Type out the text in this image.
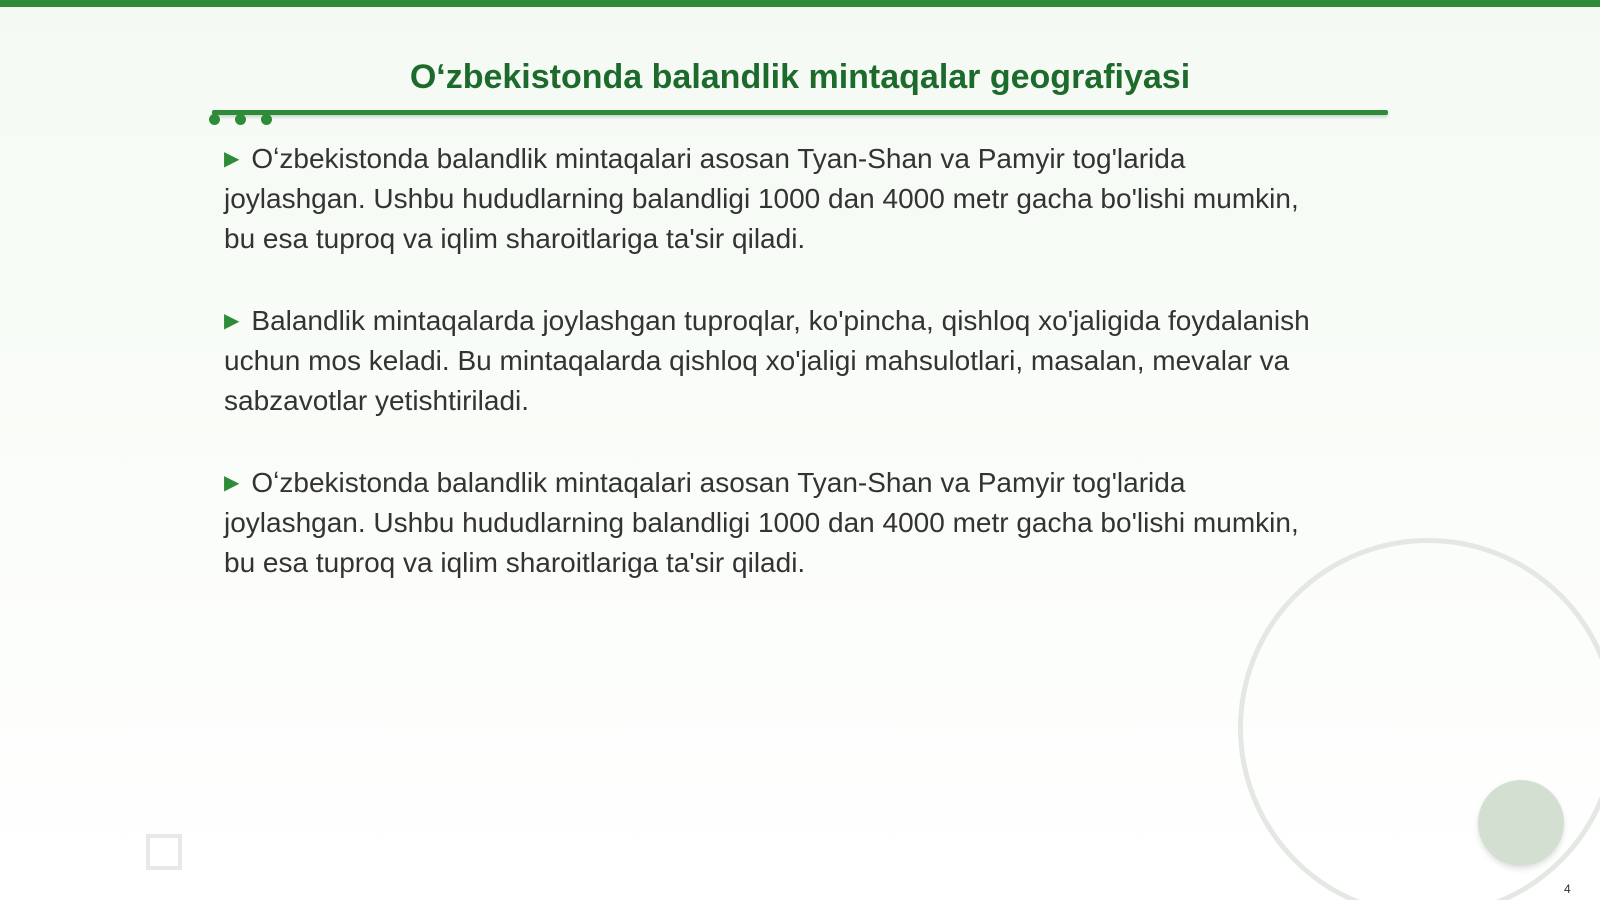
Oʻzbekistonda balandlik mintaqalar geografiyasi

▶ Oʻzbekistonda balandlik mintaqalari asosan Tyan-Shan va Pamyir tog'larida joylashgan. Ushbu hududlarning balandligi 1000 dan 4000 metr gacha bo'lishi mumkin, bu esa tuproq va iqlim sharoitlariga ta'sir qiladi.

▶ Balandlik mintaqalarda joylashgan tuproqlar, ko'pincha, qishloq xo'jaligida foydalanish uchun mos keladi. Bu mintaqalarda qishloq xo'jaligi mahsulotlari, masalan, mevalar va sabzavotlar yetishtiriladi.

▶ Oʻzbekistonda balandlik mintaqalari asosan Tyan-Shan va Pamyir tog'larida joylashgan. Ushbu hududlarning balandligi 1000 dan 4000 metr gacha bo'lishi mumkin, bu esa tuproq va iqlim sharoitlariga ta'sir qiladi.

4
